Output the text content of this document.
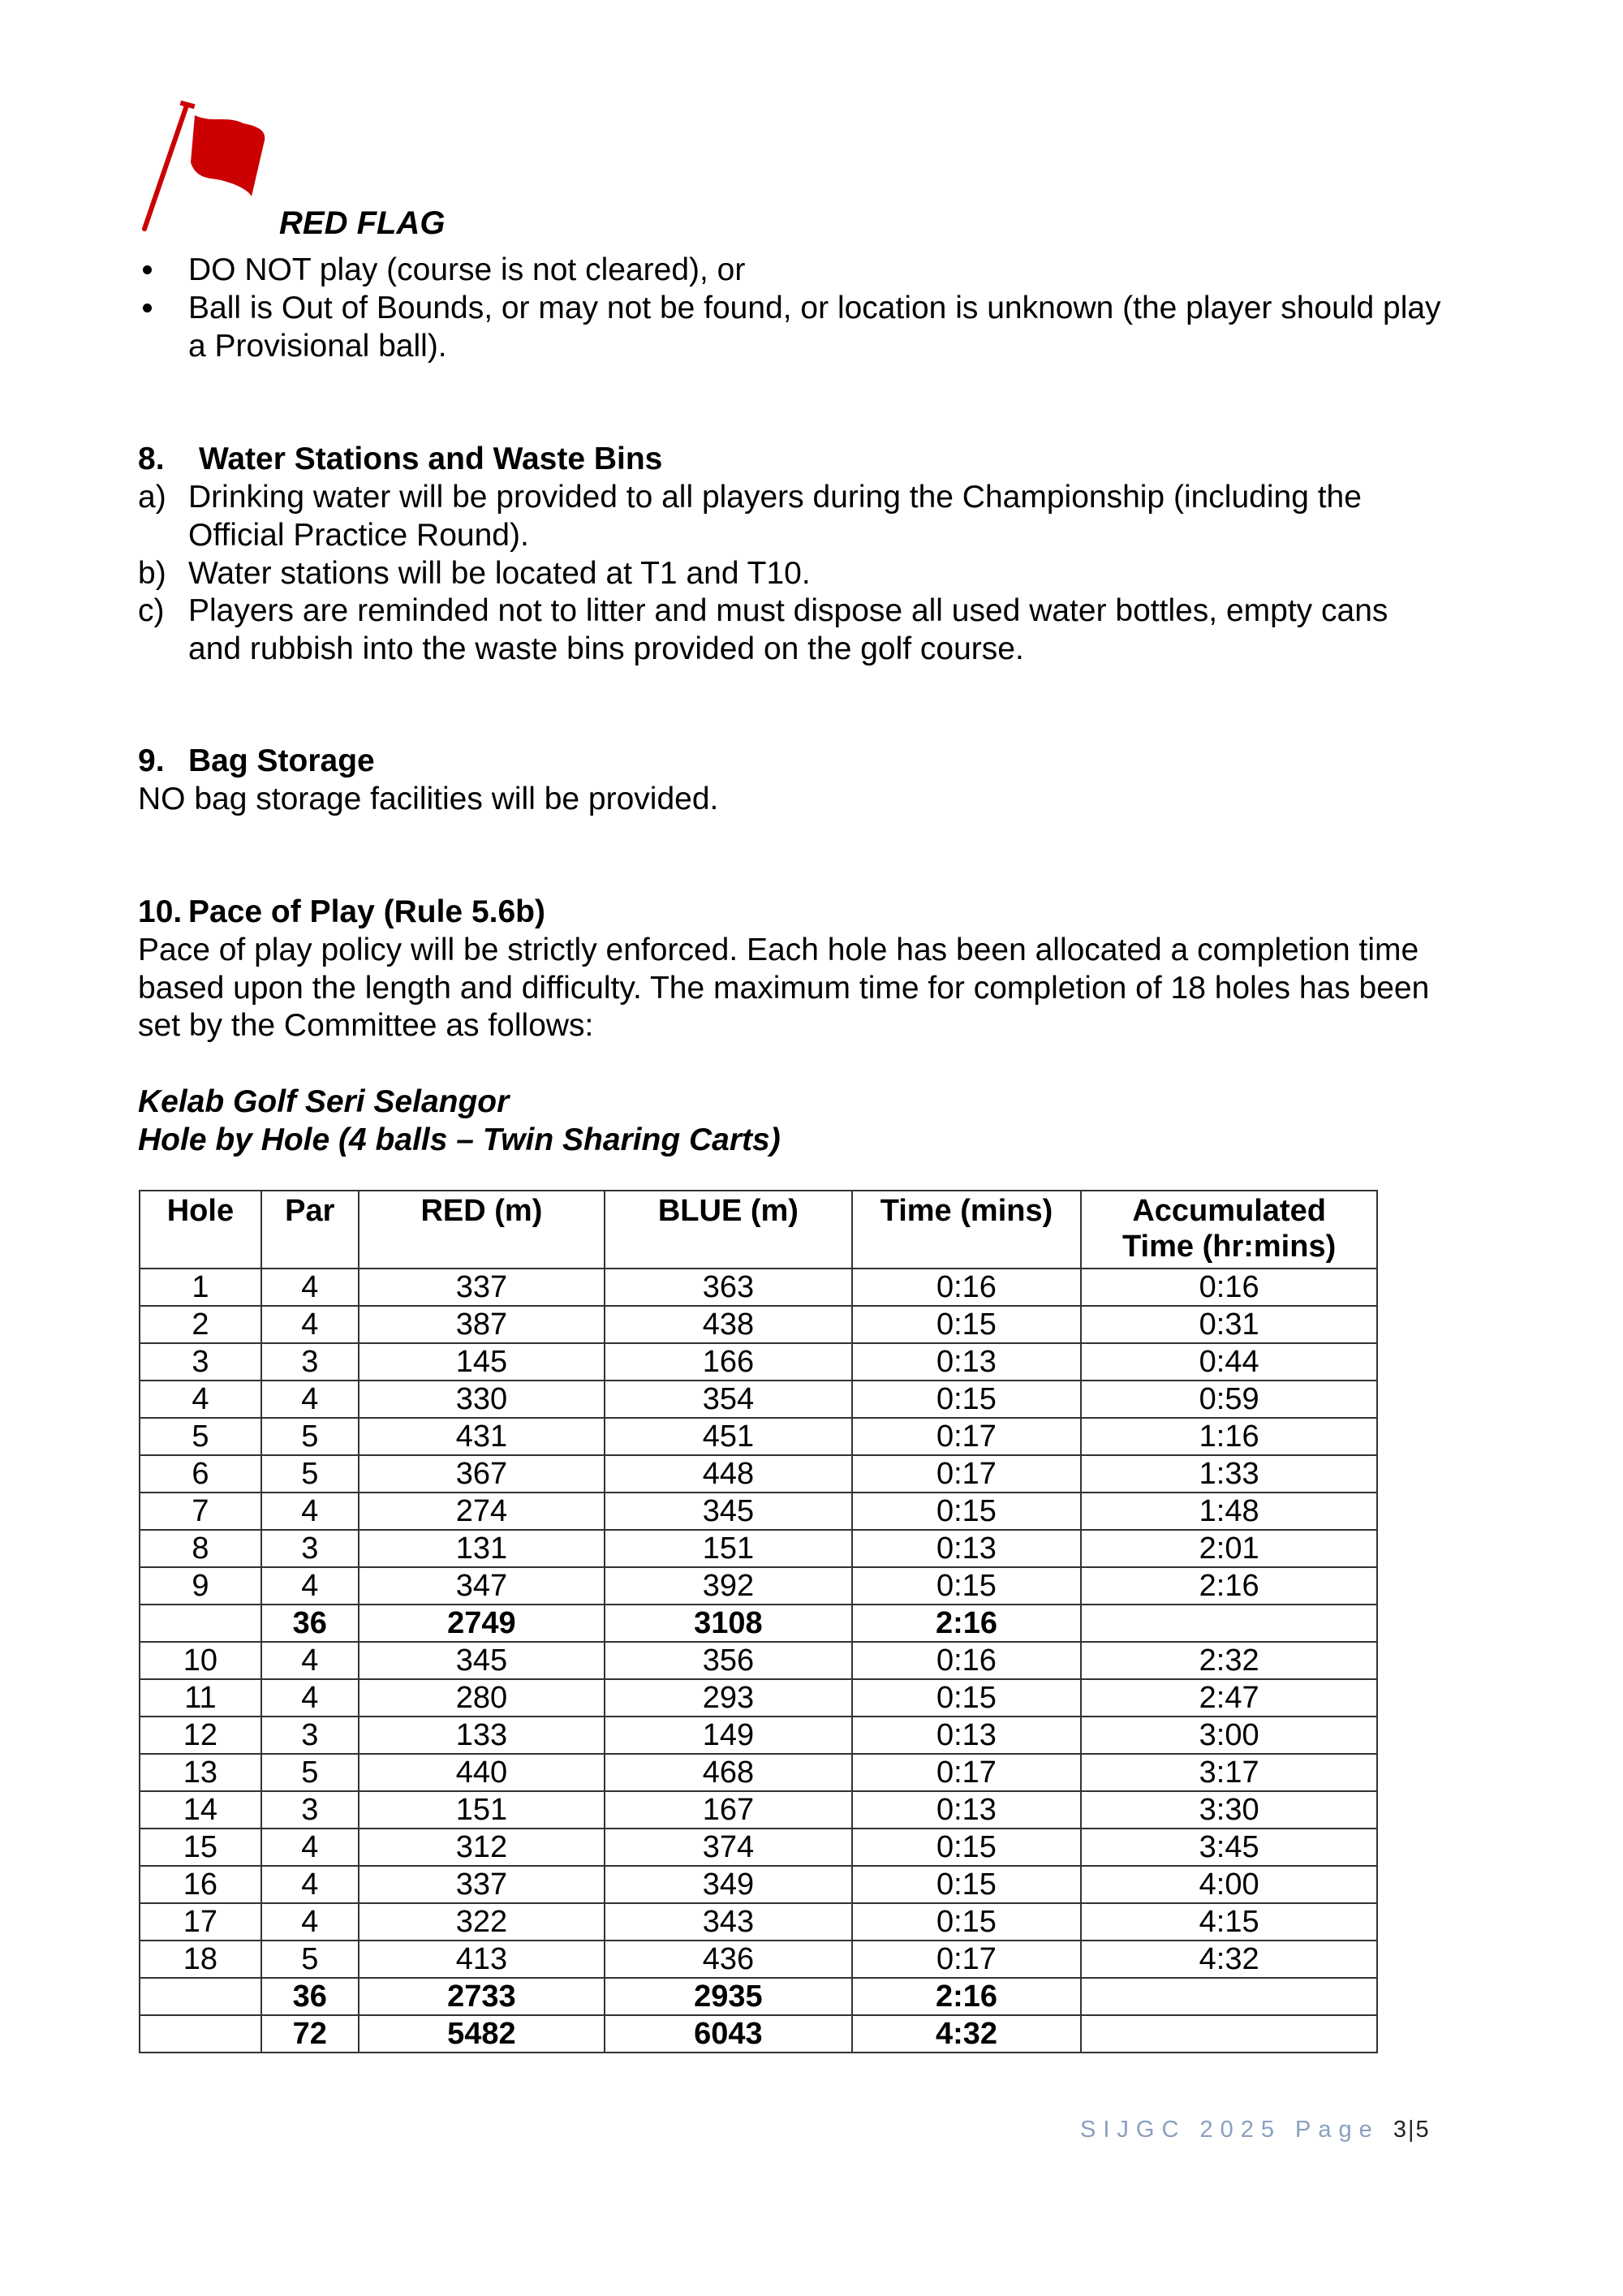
RED FLAG
DO NOT play (course is not cleared), or
Ball is Out of Bounds, or may not be found, or location is unknown (the player should play
a Provisional ball).
8. Water Stations and Waste Bins
a) Drinking water will be provided to all players during the Championship (including the
Official Practice Round).
b) Water stations will be located at T1 and T10.
c) Players are reminded not to litter and must dispose all used water bottles, empty cans
and rubbish into the waste bins provided on the golf course.
9. Bag Storage
NO bag storage facilities will be provided.
10. Pace of Play (Rule 5.6b)
Pace of play policy will be strictly enforced. Each hole has been allocated a completion time
based upon the length and difficulty. The maximum time for completion of 18 holes has been
set by the Committee as follows:
Kelab Golf Seri Selangor
Hole by Hole (4 balls – Twin Sharing Carts)
Hole	Par	RED (m)	BLUE (m)	Time (mins)	Accumulated
Time (hr:mins)

1	4	337	363	0:16	0:16
2	4	387	438	0:15	0:31
3	3	145	166	0:13	0:44
4	4	330	354	0:15	0:59
5	5	431	451	0:17	1:16
6	5	367	448	0:17	1:33
7	4	274	345	0:15	1:48
8	3	131	151	0:13	2:01
9	4	347	392	0:15	2:16
	36	2749	3108	2:16	
10	4	345	356	0:16	2:32
11	4	280	293	0:15	2:47
12	3	133	149	0:13	3:00
13	5	440	468	0:17	3:17
14	3	151	167	0:13	3:30
15	4	312	374	0:15	3:45
16	4	337	349	0:15	4:00
17	4	322	343	0:15	4:15
18	5	413	436	0:17	4:32
	36	2733	2935	2:16	
	72	5482	6043	4:32	
SIJGC 2025 Page 3|5
